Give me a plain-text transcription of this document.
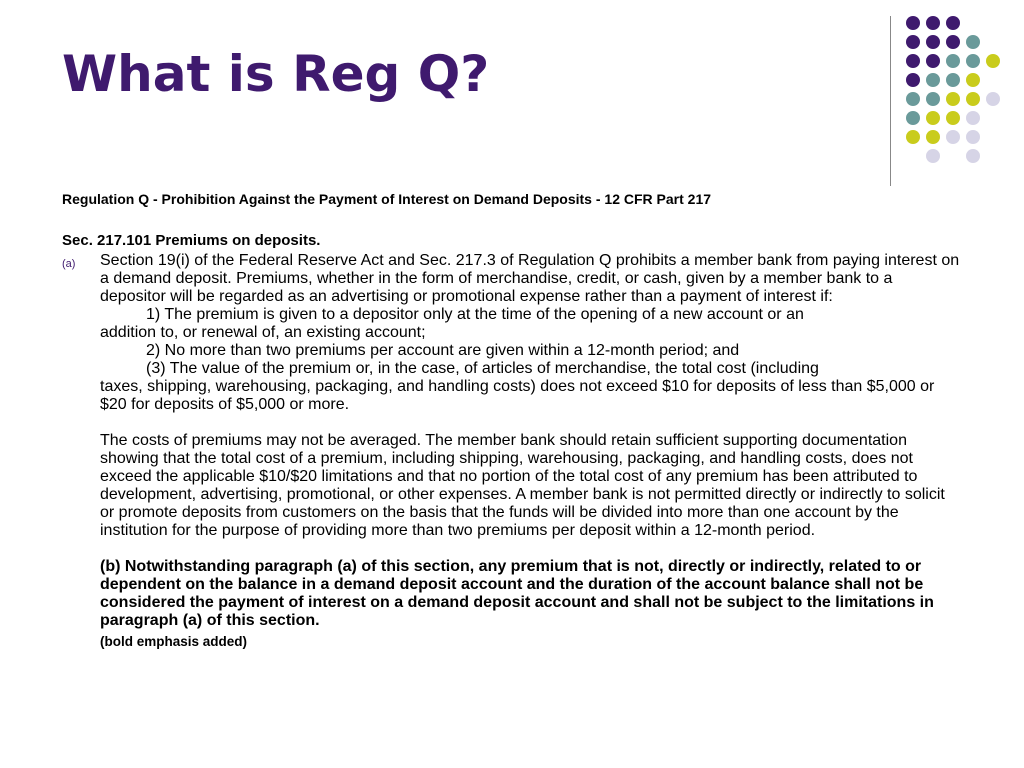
What is Reg Q?

Regulation Q - Prohibition Against the Payment of Interest on Demand Deposits - 12 CFR Part 217

Sec. 217.101 Premiums on deposits.

(a) Section 19(i) of the Federal Reserve Act and Sec. 217.3 of Regulation Q prohibits a member bank from paying interest on a demand deposit. Premiums, whether in the form of merchandise, credit, or cash, given by a member bank to a depositor will be regarded as an advertising or promotional expense rather than a payment of interest if:

1) The premium is given to a depositor only at the time of the opening of a new account or an

addition to, or renewal of, an existing account;

2) No more than two premiums per account are given within a 12-month period; and

(3) The value of the premium or, in the case, of articles of merchandise, the total cost (including

taxes, shipping, warehousing, packaging, and handling costs) does not exceed $10 for deposits of less than $5,000 or $20 for deposits of $5,000 or more.

The costs of premiums may not be averaged. The member bank should retain sufficient supporting documentation showing that the total cost of a premium, including shipping, warehousing, packaging, and handling costs, does not exceed the applicable $10/$20 limitations and that no portion of the total cost of any premium has been attributed to development, advertising, promotional, or other expenses. A member bank is not permitted directly or indirectly to solicit or promote deposits from customers on the basis that the funds will be divided into more than one account by the institution for the purpose of providing more than two premiums per deposit within a 12-month period.

(b) Notwithstanding paragraph (a) of this section, any premium that is not, directly or indirectly, related to or dependent on the balance in a demand deposit account and the duration of the account balance shall not be considered the payment of interest on a demand deposit account and shall not be subject to the limitations in paragraph (a) of this section.

(bold emphasis added)
